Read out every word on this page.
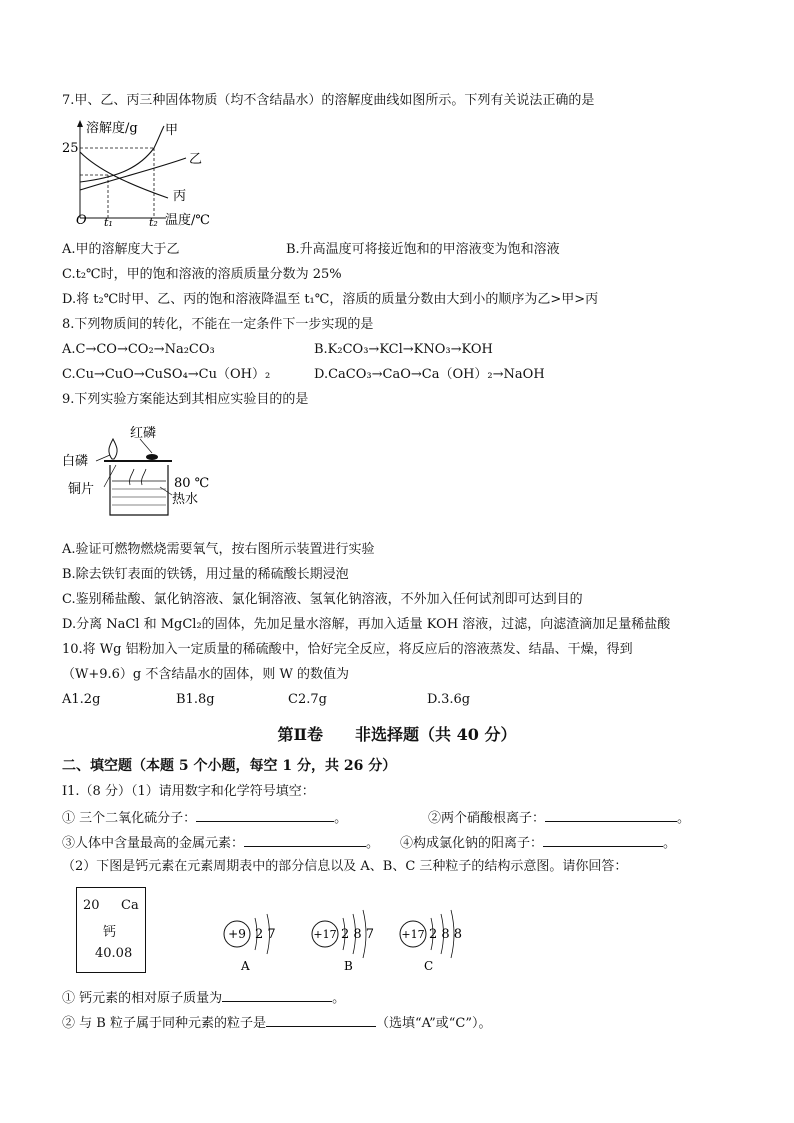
7.甲、乙、丙三种固体物质（均不含结晶水）的溶解度曲线如图所示。下列有关说法正确的是
溶解度/g
25
O t₁	t₂ 温度/℃
甲
乙
丙
A.甲的溶解度大于乙	B.升高温度可将接近饱和的甲溶液变为饱和溶液
C.t₂℃时，甲的饱和溶液的溶质质量分数为 25%
D.将 t₂℃时甲、乙、丙的饱和溶液降温至 t₁℃，溶质的质量分数由大到小的顺序为乙>甲>丙
8.下列物质间的转化，不能在一定条件下一步实现的是
A.C→CO→CO₂→Na₂CO₃	B.K₂CO₃→KCl→KNO₃→KOH
C.Cu→CuO→CuSO₄→Cu（OH）₂	D.CaCO₃→CaO→Ca（OH）₂→NaOH
9.下列实验方案能达到其相应实验目的的是
红磷
白磷
铜片	80 ℃
热水
A.验证可燃物燃烧需要氧气，按右图所示装置进行实验
B.除去铁钉表面的铁锈，用过量的稀硫酸长期浸泡
C.鉴别稀盐酸、氯化钠溶液、氯化铜溶液、氢氧化钠溶液，不外加入任何试剂即可达到目的
D.分离 NaCl 和 MgCl₂的固体，先加足量水溶解，再加入适量 KOH 溶液，过滤，向滤渣滴加足量稀盐酸
10.将 Wg 铝粉加入一定质量的稀硫酸中，恰好完全反应，将反应后的溶液蒸发、结晶、干燥，得到
（W+9.6）g 不含结晶水的固体，则 W 的数值为
A1.2g	B1.8g	C2.7g	D.3.6g
第Ⅱ卷　　非选择题（共 40 分）
二、填空题（本题 5 个小题，每空 1 分，共 26 分）
I1.（8 分）（1）请用数字和化学符号填空：
① 三个二氧化硫分子：	。	②两个硝酸根离子：	。
③人体中含量最高的金属元素：	。 ④构成氯化钠的阳离子：	。
（2）下图是钙元素在元素周期表中的部分信息以及 A、B、C 三种粒子的结构示意图。请你回答：
20 Ca
钙
40.08
+9 2 7
A
+17 2 8 7
B
+17 2 8 8
C
① 钙元素的相对原子质量为	。
② 与 B 粒子属于同种元素的粒子是	（选填“A”或“C”）。
